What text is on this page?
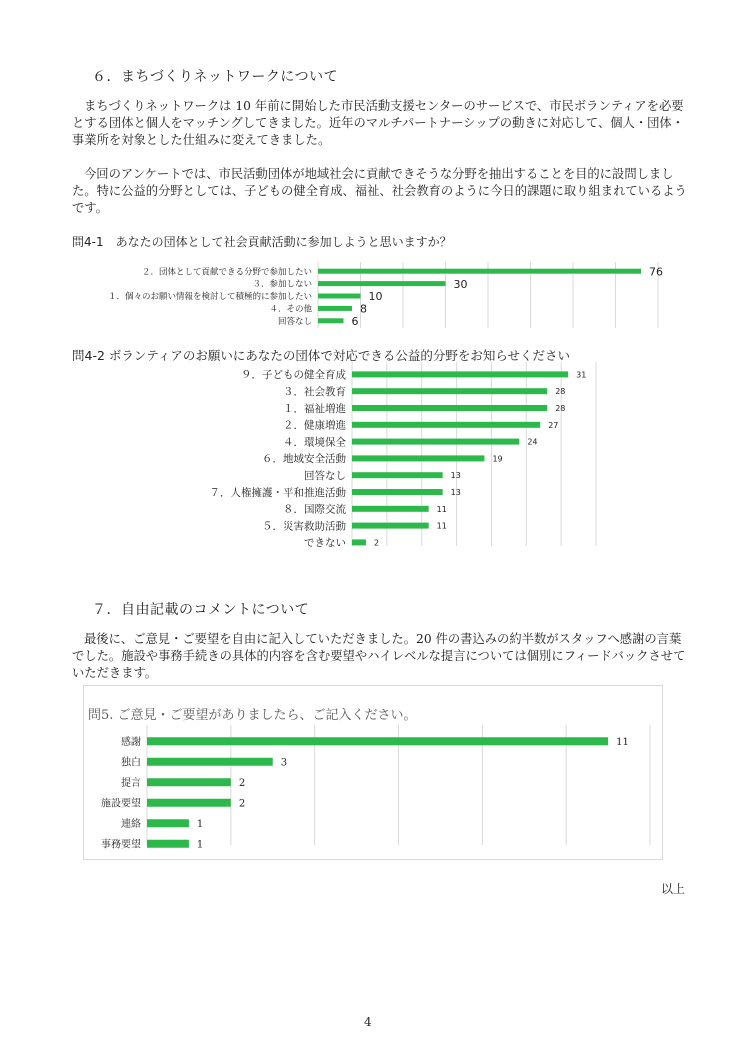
６．まちづくりネットワークについて
まちづくりネットワークは 10 年前に開始した市民活動支援センターのサービスで、市民ボランティアを必要とする団体と個人をマッチングしてきました。近年のマルチパートナーシップの動きに対応して、個人・団体・事業所を対象とした仕組みに変えてきました。
今回のアンケートでは、市民活動団体が地域社会に貢献できそうな分野を抽出することを目的に設問しました。特に公益的分野としては、子どもの健全育成、福祉、社会教育のように今日的課題に取り組まれているようです。
問4-1　あなたの団体として社会貢献活動に参加しようと思いますか？
２．団体として貢献できる分野で参加したい	76
３．参加しない	30
１．個々のお願い情報を検討して積極的に参加したい	10
４．その他	8
回答なし	6
問4-2 ボランティアのお願いにあなたの団体で対応できる公益的分野をお知らせください
９．子どもの健全育成	31
３．社会教育	28
１．福祉増進	28
２．健康増進	27
４．環境保全	24
６．地域安全活動	19
回答なし	13
７．人権擁護・平和推進活動	13
８．国際交流	11
５．災害救助活動	11
できない	2
７．自由記載のコメントについて
最後に、ご意見・ご要望を自由に記入していただきました。20 件の書込みの約半数がスタッフへ感謝の言葉でした。施設や事務手続きの具体的内容を含む要望やハイレベルな提言については個別にフィードバックさせていただきます。
問5. ご意見・ご要望がありましたら、ご記入ください。
感謝	11
独白	3
提言	2
施設要望	2
連絡	1
事務要望	1
以上
4
